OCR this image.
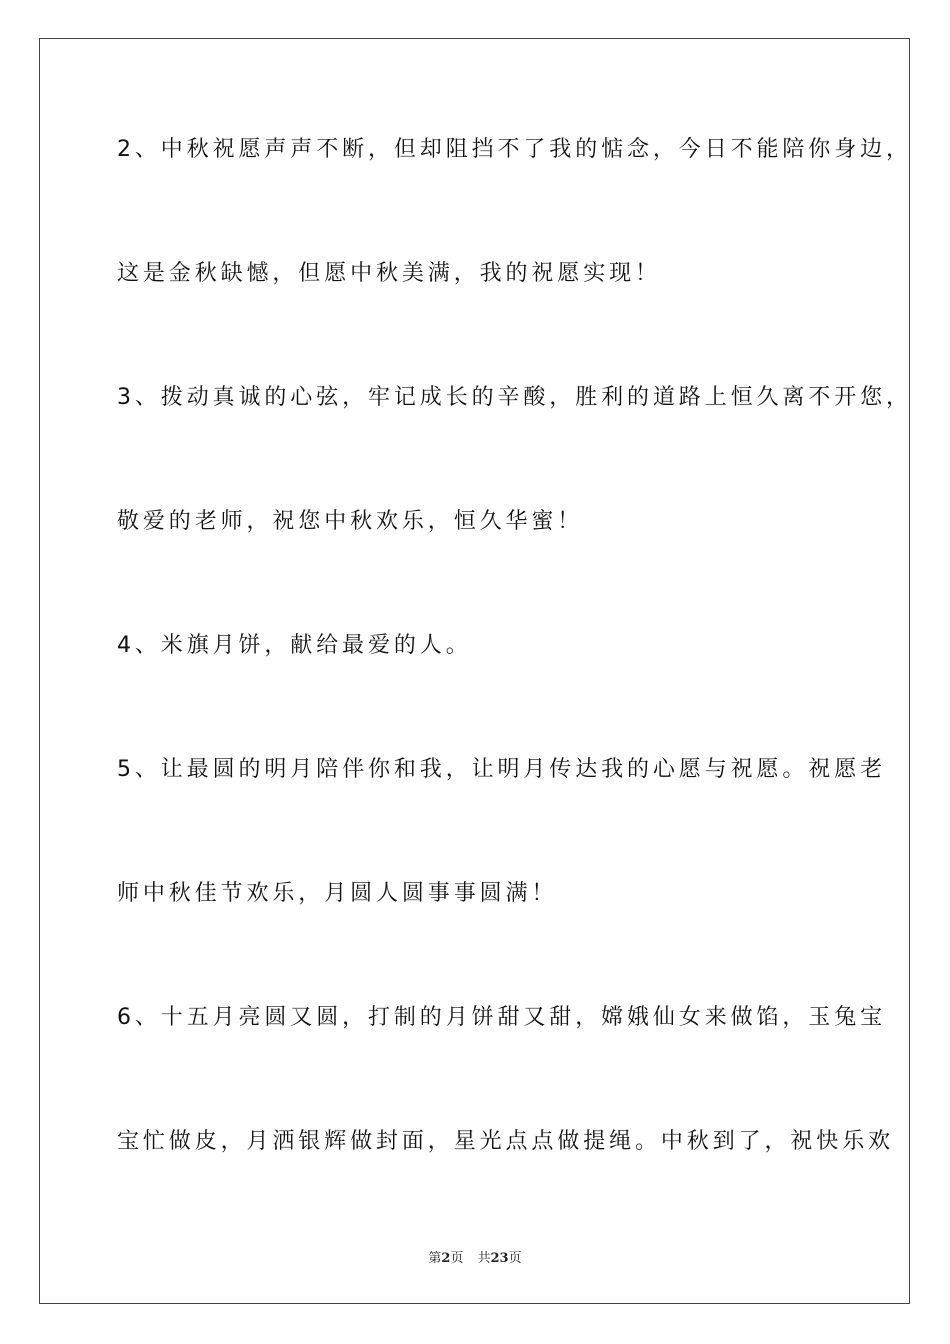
2、中秋祝愿声声不断，但却阻挡不了我的惦念，今日不能陪你身边，
这是金秋缺憾，但愿中秋美满，我的祝愿实现！
3、拨动真诚的心弦，牢记成长的辛酸，胜利的道路上恒久离不开您，
敬爱的老师，祝您中秋欢乐，恒久华蜜！
4、米旗月饼，献给最爱的人。
5、让最圆的明月陪伴你和我，让明月传达我的心愿与祝愿。祝愿老
师中秋佳节欢乐，月圆人圆事事圆满！
6、十五月亮圆又圆，打制的月饼甜又甜，嫦娥仙女来做馅，玉兔宝
宝忙做皮，月洒银辉做封面，星光点点做提绳。中秋到了，祝快乐欢
第2页 共23页
